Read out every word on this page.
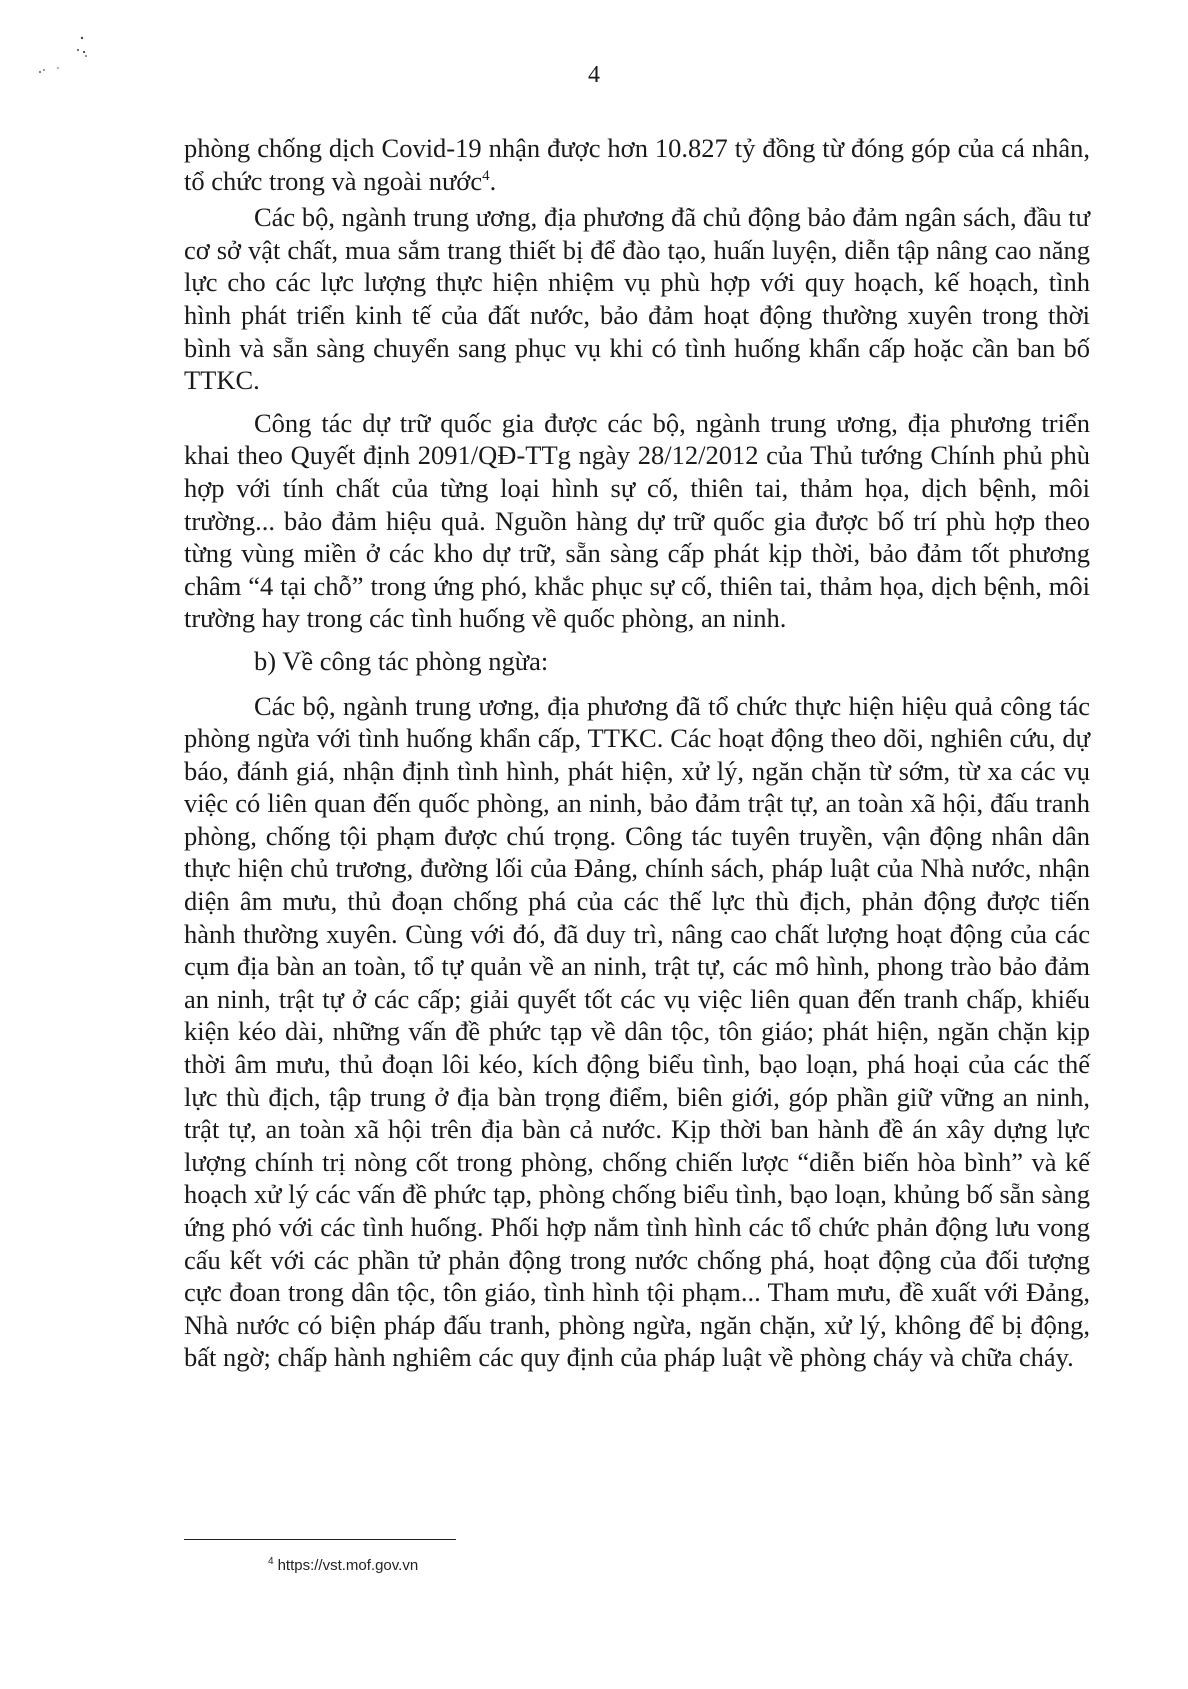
4

phòng chống dịch Covid-19 nhận được hơn 10.827 tỷ đồng từ đóng góp của cá nhân, tổ chức trong và ngoài nước$^4$.

Các bộ, ngành trung ương, địa phương đã chủ động bảo đảm ngân sách, đầu tư cơ sở vật chất, mua sắm trang thiết bị để đào tạo, huấn luyện, diễn tập nâng cao năng lực cho các lực lượng thực hiện nhiệm vụ phù hợp với quy hoạch, kế hoạch, tình hình phát triển kinh tế của đất nước, bảo đảm hoạt động thường xuyên trong thời bình và sẵn sàng chuyển sang phục vụ khi có tình huống khẩn cấp hoặc cần ban bố TTKC.

Công tác dự trữ quốc gia được các bộ, ngành trung ương, địa phương triển khai theo Quyết định 2091/QĐ-TTg ngày 28/12/2012 của Thủ tướng Chính phủ phù hợp với tính chất của từng loại hình sự cố, thiên tai, thảm họa, dịch bệnh, môi trường... bảo đảm hiệu quả. Nguồn hàng dự trữ quốc gia được bố trí phù hợp theo từng vùng miền ở các kho dự trữ, sẵn sàng cấp phát kịp thời, bảo đảm tốt phương châm “4 tại chỗ” trong ứng phó, khắc phục sự cố, thiên tai, thảm họa, dịch bệnh, môi trường hay trong các tình huống về quốc phòng, an ninh.

b) Về công tác phòng ngừa:

Các bộ, ngành trung ương, địa phương đã tổ chức thực hiện hiệu quả công tác phòng ngừa với tình huống khẩn cấp, TTKC. Các hoạt động theo dõi, nghiên cứu, dự báo, đánh giá, nhận định tình hình, phát hiện, xử lý, ngăn chặn từ sớm, từ xa các vụ việc có liên quan đến quốc phòng, an ninh, bảo đảm trật tự, an toàn xã hội, đấu tranh phòng, chống tội phạm được chú trọng. Công tác tuyên truyền, vận động nhân dân thực hiện chủ trương, đường lối của Đảng, chính sách, pháp luật của Nhà nước, nhận diện âm mưu, thủ đoạn chống phá của các thế lực thù địch, phản động được tiến hành thường xuyên. Cùng với đó, đã duy trì, nâng cao chất lượng hoạt động của các cụm địa bàn an toàn, tổ tự quản về an ninh, trật tự, các mô hình, phong trào bảo đảm an ninh, trật tự ở các cấp; giải quyết tốt các vụ việc liên quan đến tranh chấp, khiếu kiện kéo dài, những vấn đề phức tạp về dân tộc, tôn giáo; phát hiện, ngăn chặn kịp thời âm mưu, thủ đoạn lôi kéo, kích động biểu tình, bạo loạn, phá hoại của các thế lực thù địch, tập trung ở địa bàn trọng điểm, biên giới, góp phần giữ vững an ninh, trật tự, an toàn xã hội trên địa bàn cả nước. Kịp thời ban hành đề án xây dựng lực lượng chính trị nòng cốt trong phòng, chống chiến lược “diễn biến hòa bình” và kế hoạch xử lý các vấn đề phức tạp, phòng chống biểu tình, bạo loạn, khủng bố sẵn sàng ứng phó với các tình huống. Phối hợp nắm tình hình các tổ chức phản động lưu vong cấu kết với các phần tử phản động trong nước chống phá, hoạt động của đối tượng cực đoan trong dân tộc, tôn giáo, tình hình tội phạm... Tham mưu, đề xuất với Đảng, Nhà nước có biện pháp đấu tranh, phòng ngừa, ngăn chặn, xử lý, không để bị động, bất ngờ; chấp hành nghiêm các quy định của pháp luật về phòng cháy và chữa cháy.

$^4$ https://vst.mof.gov.vn
